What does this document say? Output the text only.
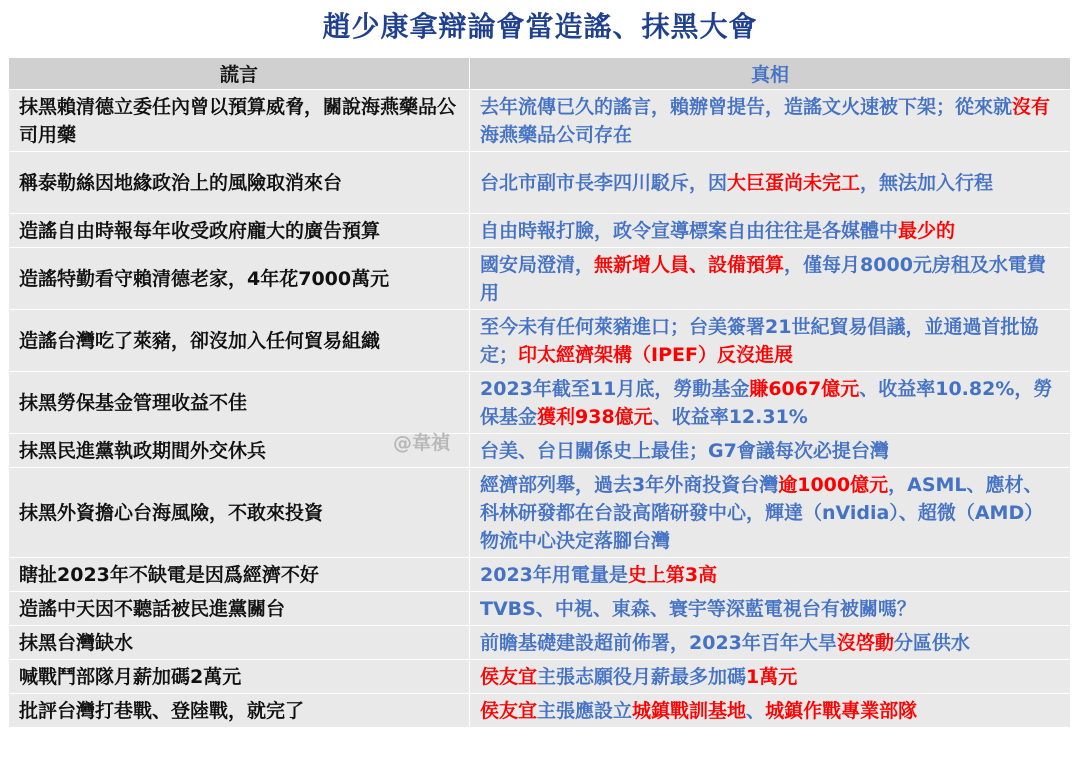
趙少康拿辯論會當造謠、抹黑大會
謊言	真相
抹黑賴清德立委任內曾以預算威脅，關說海燕藥品公司用藥	去年流傳已久的謠言，賴辦曾提告，造謠文火速被下架；從來就沒有海燕藥品公司存在
稱泰勒絲因地緣政治上的風險取消來台	台北市副市長李四川駁斥，因大巨蛋尚未完工，無法加入行程
造謠自由時報每年收受政府龐大的廣告預算	自由時報打臉，政令宣導標案自由往往是各媒體中最少的
造謠特勤看守賴清德老家，4年花7000萬元	國安局澄清，無新增人員、設備預算，僅每月8000元房租及水電費用
造謠台灣吃了萊豬，卻沒加入任何貿易組織	至今未有任何萊豬進口；台美簽署21世紀貿易倡議，並通過首批協定；印太經濟架構（IPEF）反沒進展
抹黑勞保基金管理收益不佳	2023年截至11月底，勞動基金賺6067億元、收益率10.82%，勞保基金獲利938億元、收益率12.31%
抹黑民進黨執政期間外交休兵	台美、台日關係史上最佳；G7會議每次必提台灣
抹黑外資擔心台海風險，不敢來投資	經濟部列舉，過去3年外商投資台灣逾1000億元，ASML、應材、科林研發都在台設高階研發中心，輝達（nVidia）、超微（AMD）物流中心決定落腳台灣
瞎扯2023年不缺電是因爲經濟不好	2023年用電量是史上第3高
造謠中天因不聽話被民進黨關台	TVBS、中視、東森、寰宇等深藍電視台有被關嗎？
抹黑台灣缺水	前瞻基礎建設超前佈署，2023年百年大旱沒啓動分區供水
喊戰鬥部隊月薪加碼2萬元	侯友宜主張志願役月薪最多加碼1萬元
批評台灣打巷戰、登陸戰，就完了	侯友宜主張應設立城鎮戰訓基地、城鎮作戰專業部隊
@韋禎
